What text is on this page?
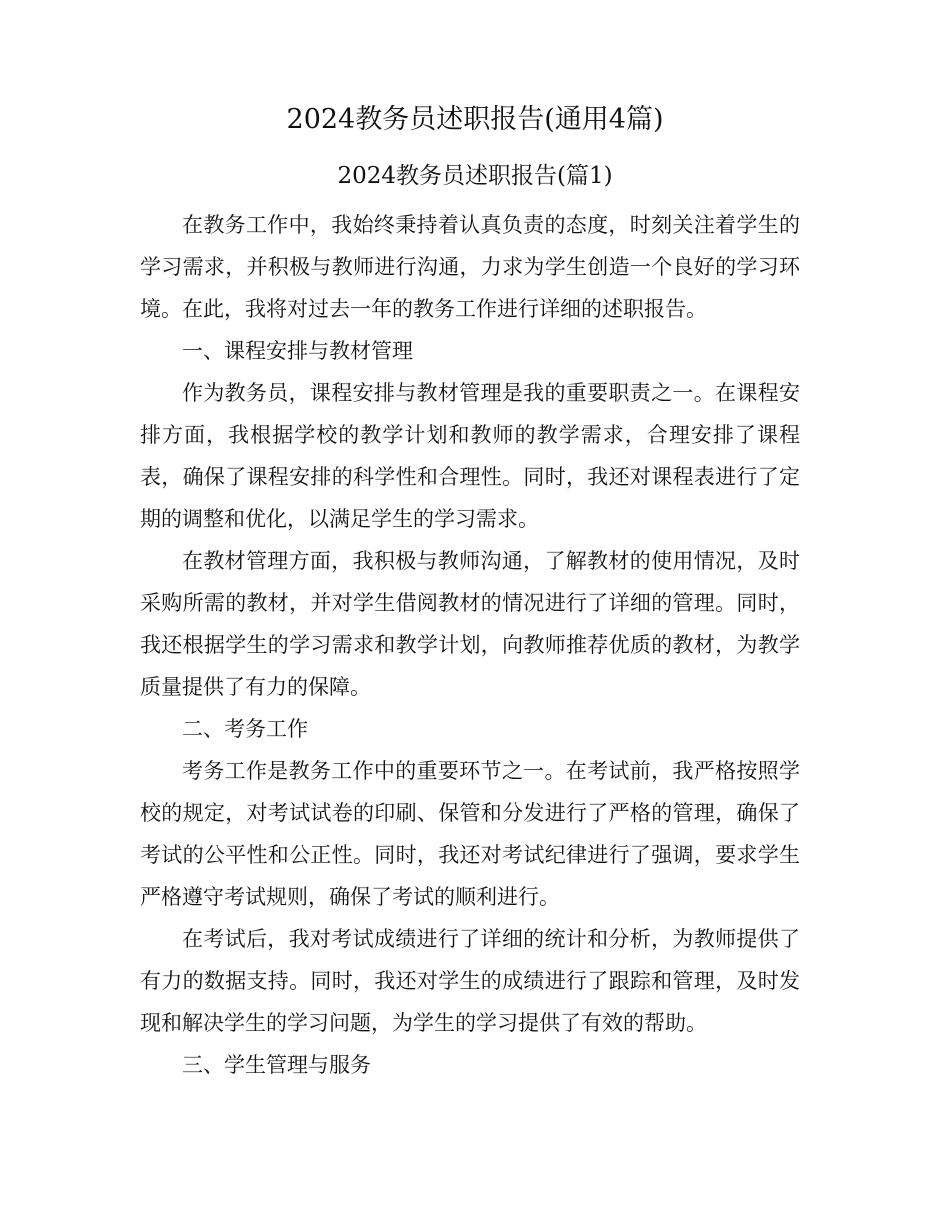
2024教务员述职报告(通用4篇)
2024教务员述职报告(篇1)

在教务工作中，我始终秉持着认真负责的态度，时刻关注着学生的学习需求，并积极与教师进行沟通，力求为学生创造一个良好的学习环境。在此，我将对过去一年的教务工作进行详细的述职报告。

一、课程安排与教材管理

作为教务员，课程安排与教材管理是我的重要职责之一。在课程安排方面，我根据学校的教学计划和教师的教学需求，合理安排了课程表，确保了课程安排的科学性和合理性。同时，我还对课程表进行了定期的调整和优化，以满足学生的学习需求。

在教材管理方面，我积极与教师沟通，了解教材的使用情况，及时采购所需的教材，并对学生借阅教材的情况进行了详细的管理。同时，我还根据学生的学习需求和教学计划，向教师推荐优质的教材，为教学质量提供了有力的保障。

二、考务工作

考务工作是教务工作中的重要环节之一。在考试前，我严格按照学校的规定，对考试试卷的印刷、保管和分发进行了严格的管理，确保了考试的公平性和公正性。同时，我还对考试纪律进行了强调，要求学生严格遵守考试规则，确保了考试的顺利进行。

在考试后，我对考试成绩进行了详细的统计和分析，为教师提供了有力的数据支持。同时，我还对学生的成绩进行了跟踪和管理，及时发现和解决学生的学习问题，为学生的学习提供了有效的帮助。

三、学生管理与服务
